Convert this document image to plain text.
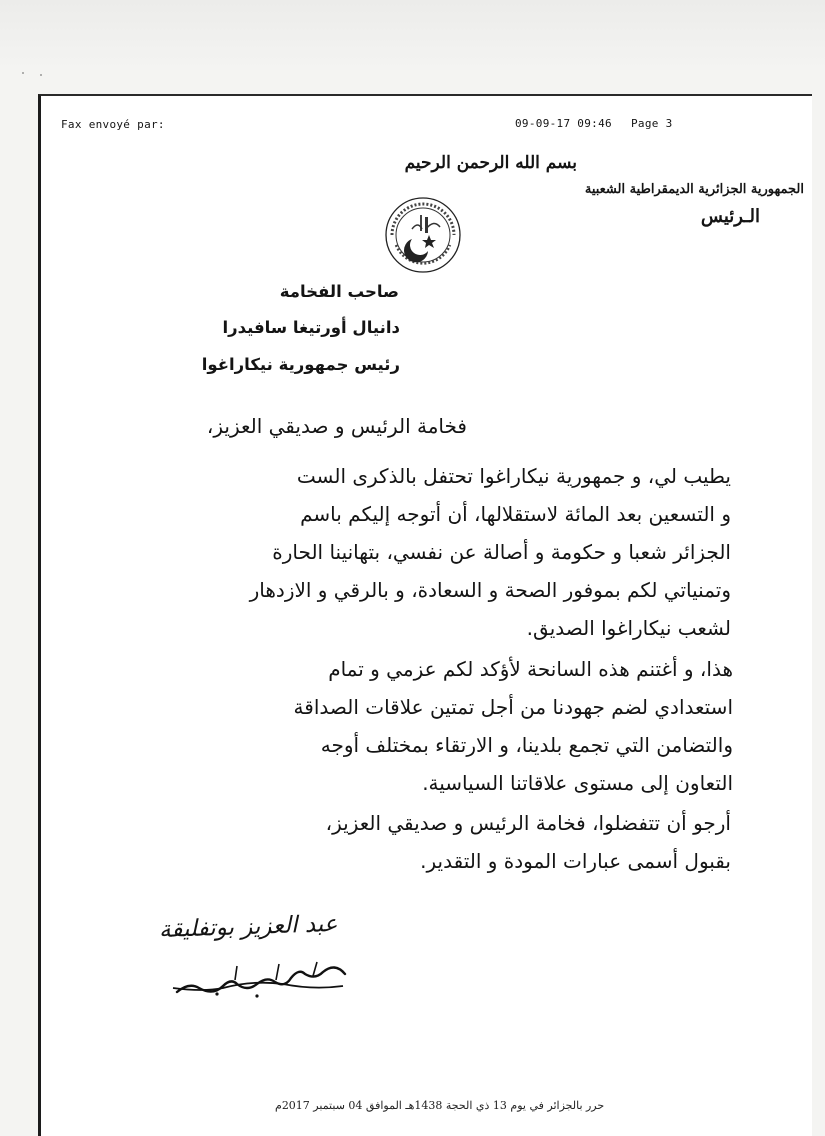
Fax envoyé par:	09-09-17 09:46 Page 3
بسم الله الرحمن الرحيم
الجمهورية الجزائرية الديمقراطية الشعبية
الـرئيس
صاحب الفخامة
دانيال أورتيغا سافيدرا
رئيس جمهورية نيكاراغوا
فخامة الرئيس و صديقي العزيز،
يطيب لي، و جمهورية نيكاراغوا تحتفل بالذكرى الست
و التسعين بعد المائة لاستقلالها، أن أتوجه إليكم باسم
الجزائر شعبا و حكومة و أصالة عن نفسي، بتهانينا الحارة
وتمنياتي لكم بموفور الصحة و السعادة، و بالرقي و الازدهار
لشعب نيكاراغوا الصديق.
هذا، و أغتنم هذه السانحة لأؤكد لكم عزمي و تمام
استعدادي لضم جهودنا من أجل تمتين علاقات الصداقة
والتضامن التي تجمع بلدينا، و الارتقاء بمختلف أوجه
التعاون إلى مستوى علاقاتنا السياسية.
أرجو أن تتفضلوا، فخامة الرئيس و صديقي العزيز،
بقبول أسمى عبارات المودة و التقدير.
عبد العزيز بوتفليقة
حرر بالجزائر في يوم 13 ذي الحجة 1438هـ الموافق 04 سبتمبر 2017م
